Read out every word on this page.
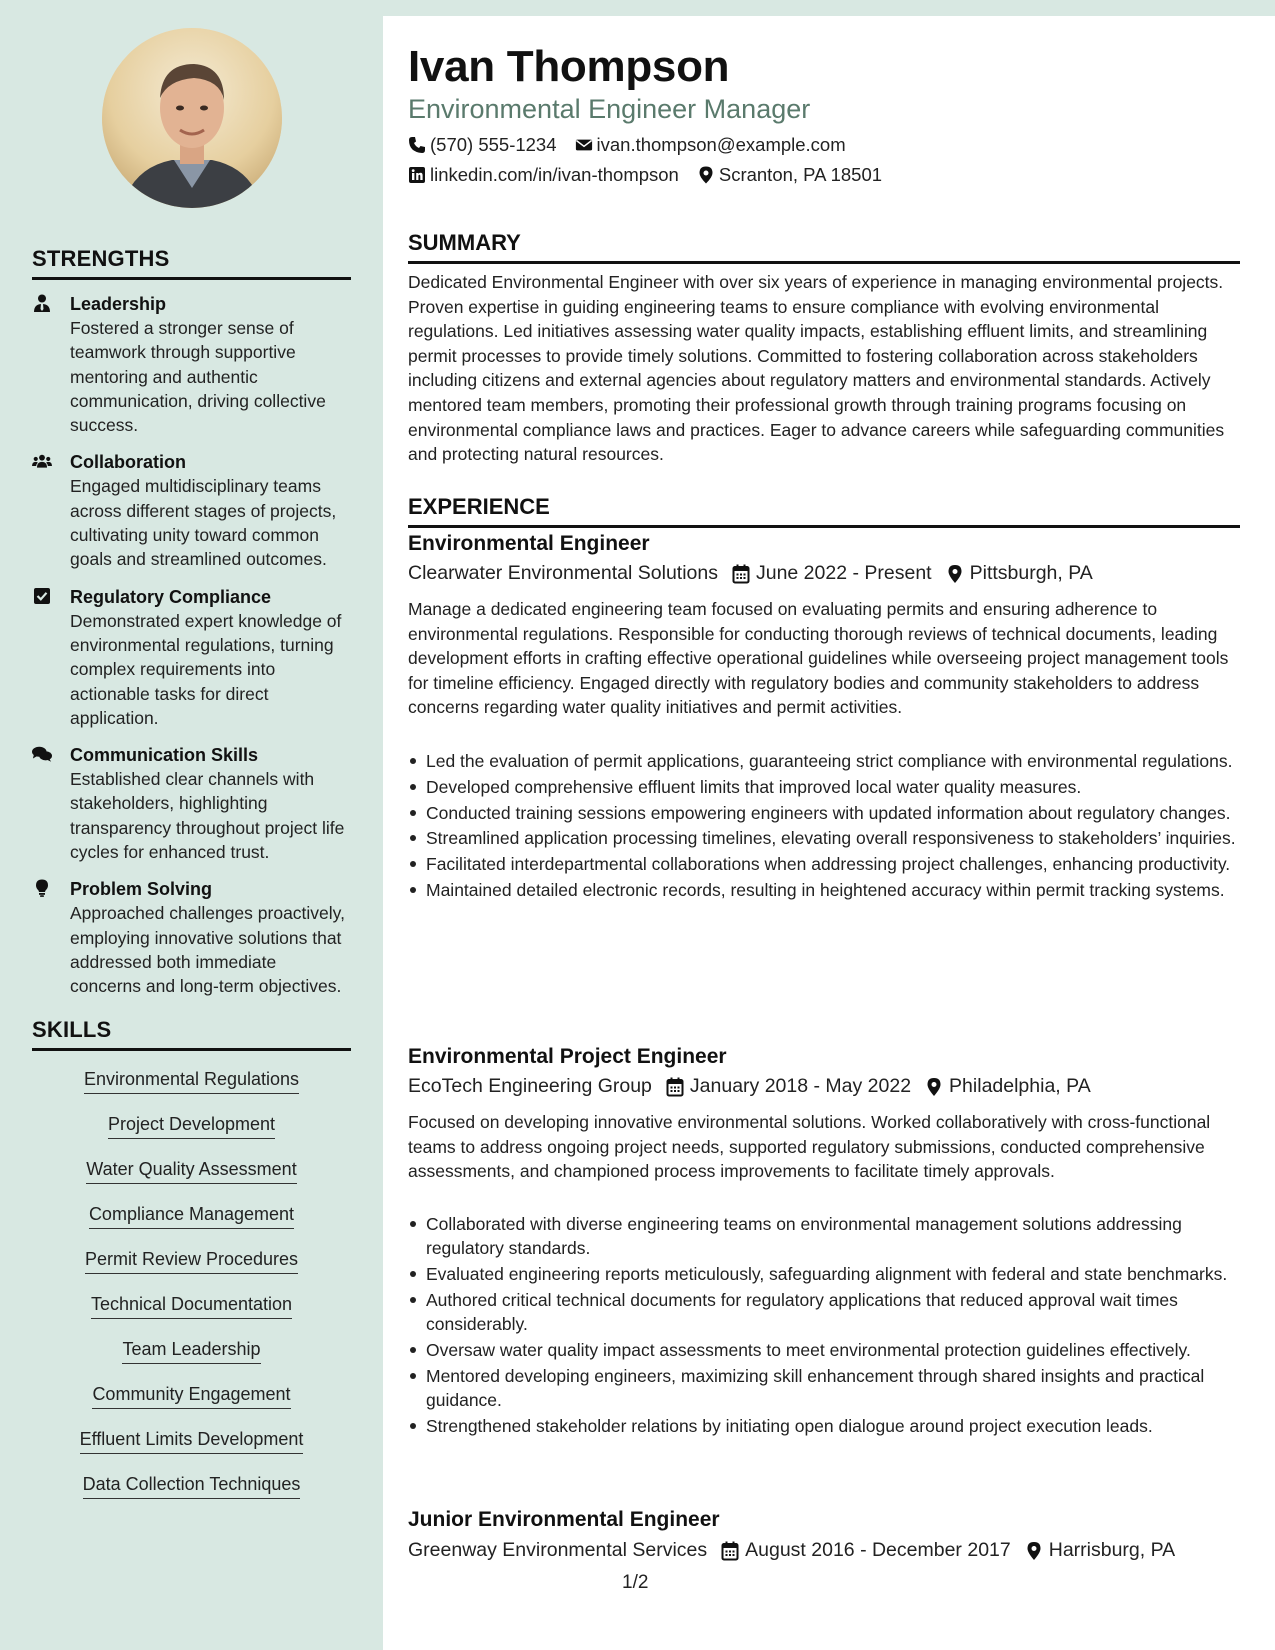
STRENGTHS
Leadership
Fostered a stronger sense of teamwork through supportive mentoring and authentic communication, driving collective success.
Collaboration
Engaged multidisciplinary teams across different stages of projects, cultivating unity toward common goals and streamlined outcomes.
Regulatory Compliance
Demonstrated expert knowledge of environmental regulations, turning complex requirements into actionable tasks for direct application.
Communication Skills
Established clear channels with stakeholders, highlighting transparency throughout project life cycles for enhanced trust.
Problem Solving
Approached challenges proactively, employing innovative solutions that addressed both immediate concerns and long-term objectives.
SKILLS
Environmental Regulations
Project Development
Water Quality Assessment
Compliance Management
Permit Review Procedures
Technical Documentation
Team Leadership
Community Engagement
Effluent Limits Development
Data Collection Techniques
Ivan Thompson
Environmental Engineer Manager
(570) 555-1234 ivan.thompson@example.com
linkedin.com/in/ivan-thompson Scranton, PA 18501
SUMMARY
Dedicated Environmental Engineer with over six years of experience in managing environmental projects. Proven expertise in guiding engineering teams to ensure compliance with evolving environmental regulations. Led initiatives assessing water quality impacts, establishing effluent limits, and streamlining permit processes to provide timely solutions. Committed to fostering collaboration across stakeholders including citizens and external agencies about regulatory matters and environmental standards. Actively mentored team members, promoting their professional growth through training programs focusing on environmental compliance laws and practices. Eager to advance careers while safeguarding communities and protecting natural resources.
EXPERIENCE
Environmental Engineer
Clearwater Environmental Solutions June 2022 - Present Pittsburgh, PA
Manage a dedicated engineering team focused on evaluating permits and ensuring adherence to environmental regulations. Responsible for conducting thorough reviews of technical documents, leading development efforts in crafting effective operational guidelines while overseeing project management tools for timeline efficiency. Engaged directly with regulatory bodies and community stakeholders to address concerns regarding water quality initiatives and permit activities.
Led the evaluation of permit applications, guaranteeing strict compliance with environmental regulations.
Developed comprehensive effluent limits that improved local water quality measures.
Conducted training sessions empowering engineers with updated information about regulatory changes.
Streamlined application processing timelines, elevating overall responsiveness to stakeholders’ inquiries.
Facilitated interdepartmental collaborations when addressing project challenges, enhancing productivity.
Maintained detailed electronic records, resulting in heightened accuracy within permit tracking systems.
Environmental Project Engineer
EcoTech Engineering Group January 2018 - May 2022 Philadelphia, PA
Focused on developing innovative environmental solutions. Worked collaboratively with cross-functional teams to address ongoing project needs, supported regulatory submissions, conducted comprehensive assessments, and championed process improvements to facilitate timely approvals.
Collaborated with diverse engineering teams on environmental management solutions addressing regulatory standards.
Evaluated engineering reports meticulously, safeguarding alignment with federal and state benchmarks.
Authored critical technical documents for regulatory applications that reduced approval wait times considerably.
Oversaw water quality impact assessments to meet environmental protection guidelines effectively.
Mentored developing engineers, maximizing skill enhancement through shared insights and practical guidance.
Strengthened stakeholder relations by initiating open dialogue around project execution leads.
Junior Environmental Engineer
Greenway Environmental Services August 2016 - December 2017 Harrisburg, PA
1/2
